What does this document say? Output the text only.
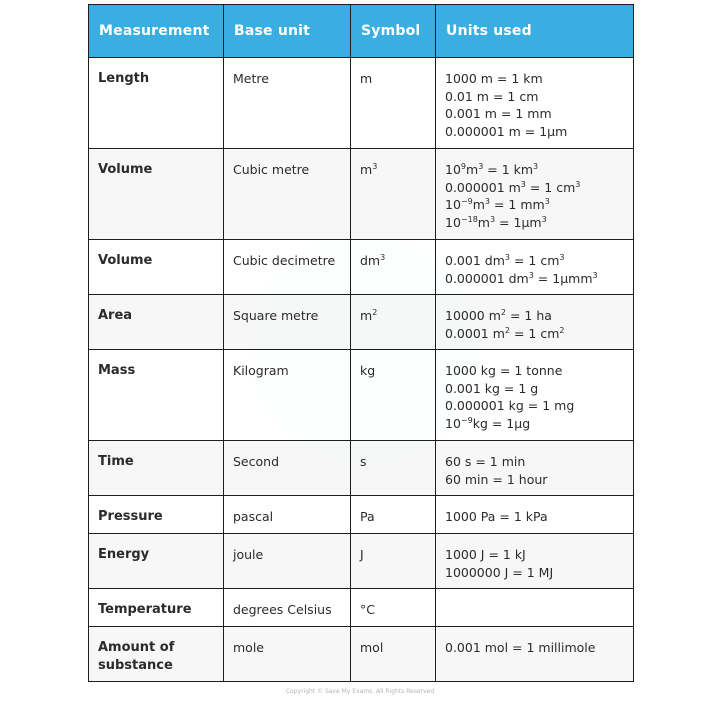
Measurement	Base unit	Symbol	Units used
Length	Metre	m	1000 m = 1 km
0.01 m = 1 cm
0.001 m = 1 mm
0.000001 m = 1μm

Volume	Cubic metre	$m^3$	$10^9m^3 = 1$ $km^3$
0.000001 $m^3 = 1$ $cm^3$
$10^{-9}m^3 = 1$ $mm^3$
$10^{-18}m^3 = 1\mu m^3$

Volume	Cubic decimetre	$dm^3$	0.001 $dm^3 = 1$ $cm^3$
0.000001 $dm^3 = 1\mu mm^3$

Area	Square metre	$m^2$	10000 $m^2 = 1$ ha
0.0001 $m^2 = 1$ $cm^2$

Mass	Kilogram	kg	1000 kg = 1 tonne
0.001 kg = 1 g
0.000001 kg = 1 mg
$10^{-9}kg = 1\mu g$

Time	Second	s	60 s = 1 min
60 min = 1 hour

Pressure	pascal	Pa	1000 Pa = 1 kPa

Energy	joule	J	1000 J = 1 kJ
1000000 J = 1 MJ

Temperature	degrees Celsius	°C	
Amount of substance	mole	mol	0.001 mol = 1 millimole
Copyright © Save My Exams. All Rights Reserved
